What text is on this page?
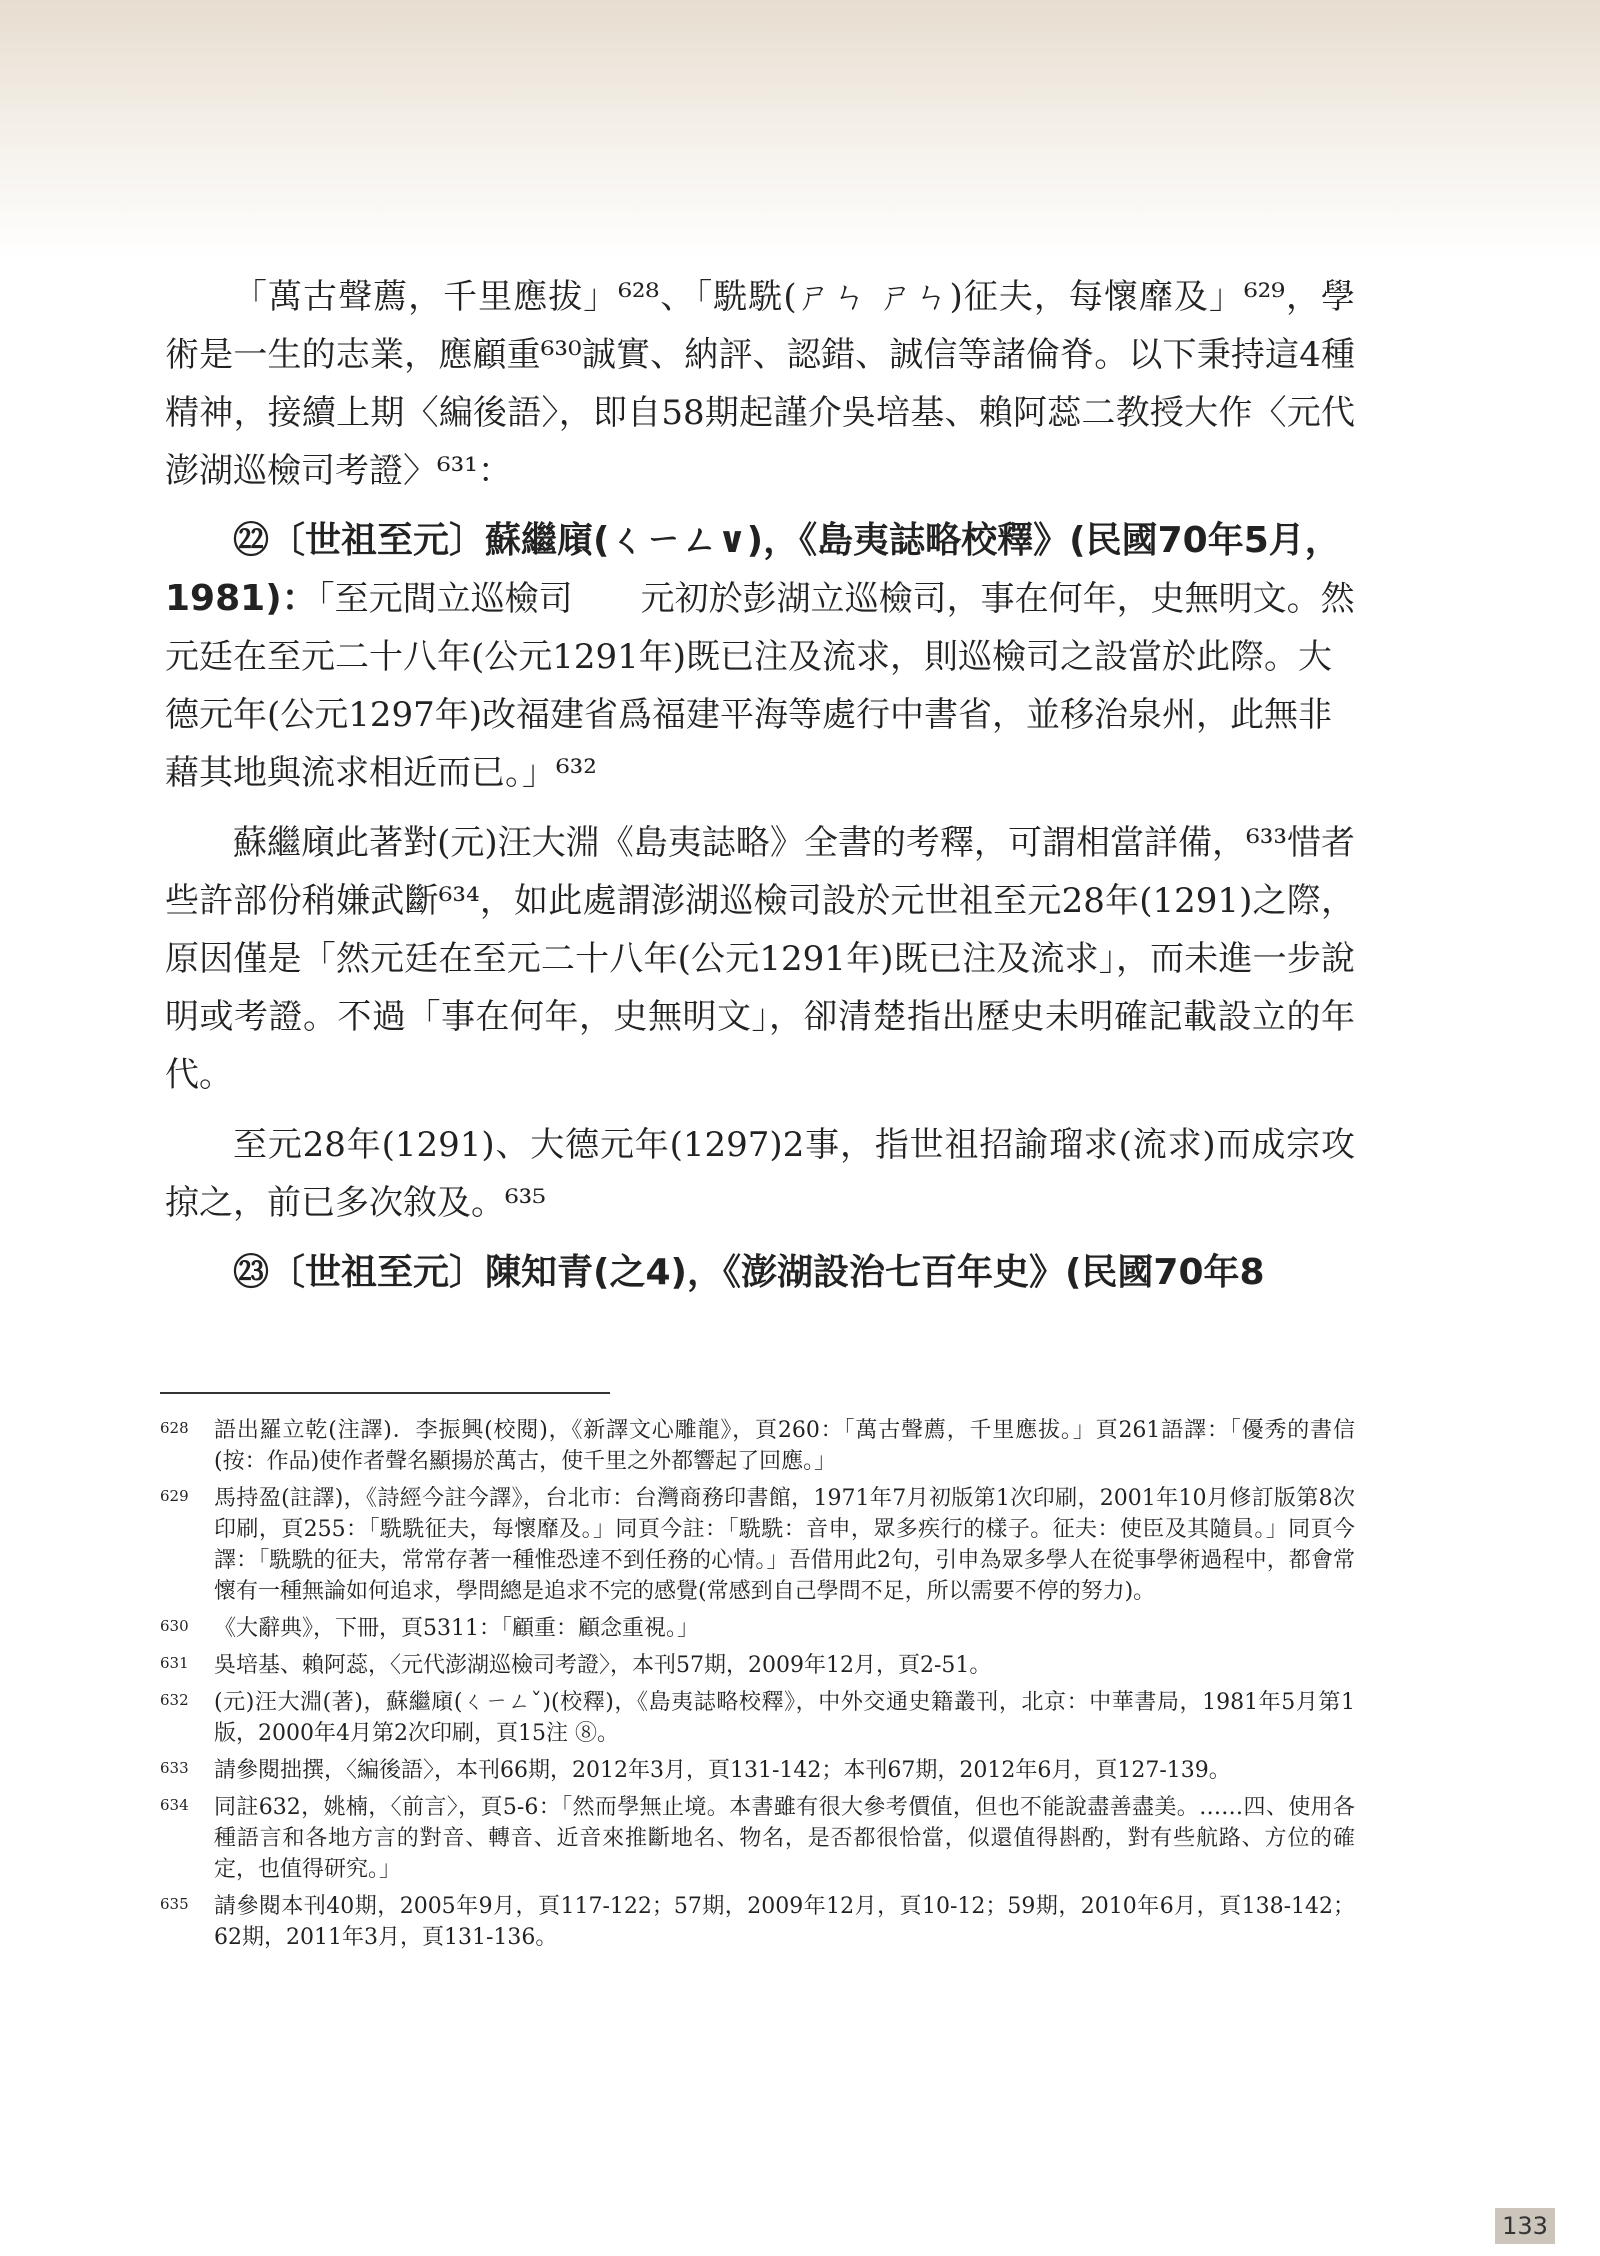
「萬古聲薦，千里應拔」⁶²⁸、「駪駪(ㄕㄣ ㄕㄣ)征夫，每懷靡及」⁶²⁹，學術是一生的志業，應顧重⁶³⁰誠實、納評、認錯、誠信等諸倫脊。以下秉持這4種精神，接續上期〈編後語〉，即自58期起謹介吳培基、賴阿蕊二教授大作〈元代澎湖巡檢司考證〉⁶³¹：

㉒〔世祖至元〕蘇繼廎(ㄑㄧㄥ∨)，《島夷誌略校釋》(民國70年5月，1981)：「至元間立巡檢司　　元初於彭湖立巡檢司，事在何年，史無明文。然元廷在至元二十八年(公元1291年)既已注及流求，則巡檢司之設當於此際。大德元年(公元1297年)改福建省爲福建平海等處行中書省，並移治泉州，此無非藉其地與流求相近而已。」⁶³²

蘇繼廎此著對(元)汪大淵《島夷誌略》全書的考釋，可謂相當詳備，⁶³³惜者些許部份稍嫌武斷⁶³⁴，如此處謂澎湖巡檢司設於元世祖至元28年(1291)之際，原因僅是「然元廷在至元二十八年(公元1291年)既已注及流求」，而未進一步說明或考證。不過「事在何年，史無明文」，卻清楚指出歷史未明確記載設立的年代。

至元28年(1291)、大德元年(1297)2事，指世祖招諭瑠求(流求)而成宗攻掠之，前已多次敘及。⁶³⁵

㉓〔世祖至元〕陳知青(之4)，《澎湖設治七百年史》(民國70年8

628	語出羅立乾(注譯)．李振興(校閱)，《新譯文心雕龍》，頁260：「萬古聲薦，千里應拔。」頁261語譯：「優秀的書信(按：作品)使作者聲名顯揚於萬古，使千里之外都響起了回應。」
629	馬持盈(註譯)，《詩經今註今譯》，台北市：台灣商務印書館，1971年7月初版第1次印刷，2001年10月修訂版第8次印刷，頁255：「駪駪征夫，每懷靡及。」同頁今註：「駪駪：音申，眾多疾行的樣子。征夫：使臣及其隨員。」同頁今譯：「駪駪的征夫，常常存著一種惟恐達不到任務的心情。」吾借用此2句，引申為眾多學人在從事學術過程中，都會常懷有一種無論如何追求，學問總是追求不完的感覺(常感到自己學問不足，所以需要不停的努力)。
630	《大辭典》，下冊，頁5311：「顧重：顧念重視。」
631	吳培基、賴阿蕊，〈元代澎湖巡檢司考證〉，本刊57期，2009年12月，頁2-51。
632	(元)汪大淵(著)，蘇繼廎(ㄑㄧㄥˇ)(校釋)，《島夷誌略校釋》，中外交通史籍叢刊，北京：中華書局，1981年5月第1版，2000年4月第2次印刷，頁15注 ⑧。
633	請參閱拙撰，〈編後語〉，本刊66期，2012年3月，頁131-142；本刊67期，2012年6月，頁127-139。
634	同註632，姚楠，〈前言〉，頁5-6：「然而學無止境。本書雖有很大參考價值，但也不能說盡善盡美。……四、使用各種語言和各地方言的對音、轉音、近音來推斷地名、物名，是否都很恰當，似還值得斟酌，對有些航路、方位的確定，也值得研究。」
635	請參閱本刊40期，2005年9月，頁117-122；57期，2009年12月，頁10-12；59期，2010年6月，頁138-142；62期，2011年3月，頁131-136。
133
